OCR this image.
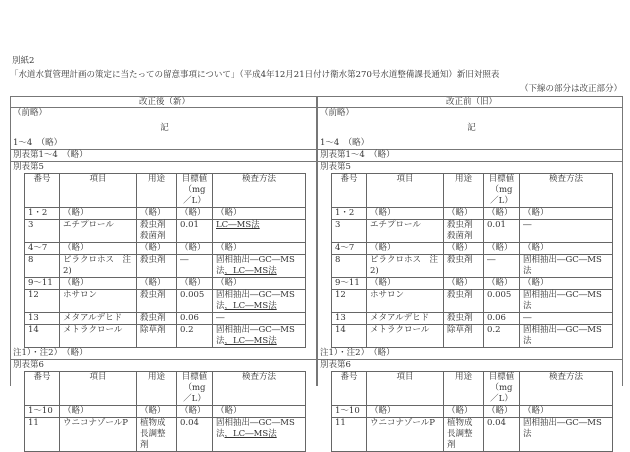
別紙2
「水道水質管理計画の策定に当たっての留意事項について」（平成4年12月21日付け衛水第270号水道整備課長通知）新旧対照表
（下線の部分は改正部分）
改正後（新）
（前略）
記
1〜4　（略）
別表第1〜4　（略）
別表第5
番号	項目	用途	目標値（mg／L）	検査方法
1・2	（略）	（略）	（略）	（略）
3	エチプロール	殺虫剤 殺菌剤	0.01	LC―MS法
4〜7	（略）	（略）	（略）	（略）
8	ピラクロホス　注2)	殺虫剤	―	固相抽出―GC―MS法，LC―MS法
9〜11	（略）	（略）	（略）	（略）
12	ホサロン	殺虫剤	0.005	固相抽出―GC―MS法，LC―MS法
13	メタアルデヒド	殺虫剤	0.06	―
14	メトラクロール	除草剤	0.2	固相抽出―GC―MS法，LC―MS法
注1）・注2）　（略）
別表第6
番号	項目	用途	目標値（mg／L）	検査方法
1〜10	（略）	（略）	（略）	（略）
11	ウニコナゾールP	植物成長調整剤	0.04	固相抽出―GC―MS法，LC―MS法
改正前（旧）
（前略）
記
1〜4　（略）
別表第1〜4　（略）
別表第5
番号	項目	用途	目標値（mg／L）	検査方法
1・2	（略）	（略）	（略）	（略）
3	エチプロール	殺虫剤 殺菌剤	0.01	―
4〜7	（略）	（略）	（略）	（略）
8	ピラクロホス　注2)	殺虫剤	―	固相抽出―GC―MS法
9〜11	（略）	（略）	（略）	（略）
12	ホサロン	殺虫剤	0.005	固相抽出―GC―MS法
13	メタアルデヒド	殺虫剤	0.06	―
14	メトラクロール	除草剤	0.2	固相抽出―GC―MS法
注1）・注2）　（略）
別表第6
番号	項目	用途	目標値（mg／L）	検査方法
1〜10	（略）	（略）	（略）	（略）
11	ウニコナゾールP	植物成長調整剤	0.04	固相抽出―GC―MS法
